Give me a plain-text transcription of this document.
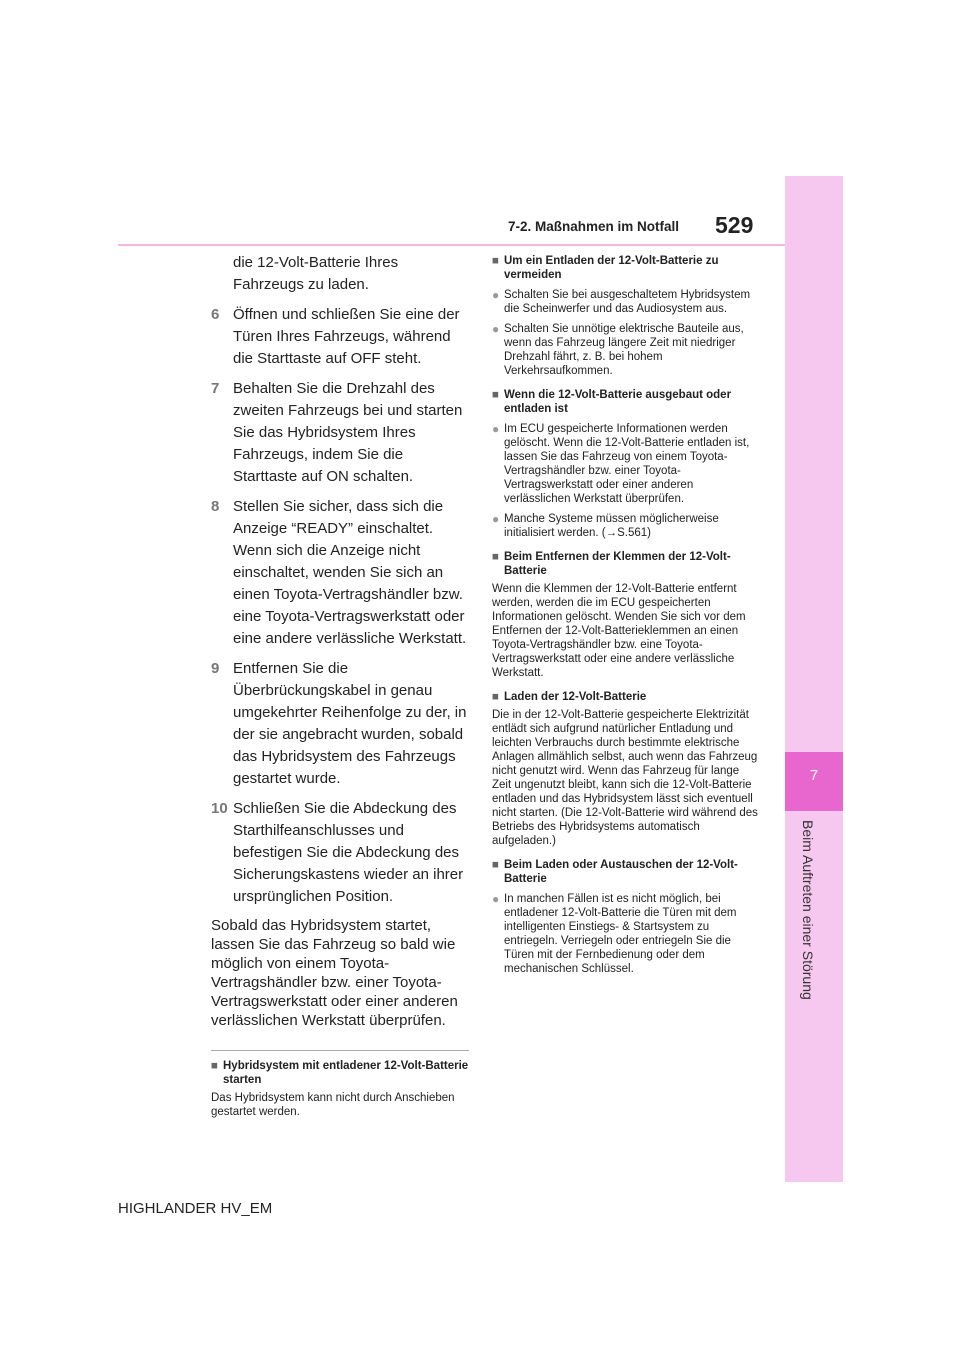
7
Beim Auftreten einer Störung
7-2. Maßnahmen im Notfall 529
die 12-Volt-Batterie Ihres Fahrzeugs zu laden.
6 Öffnen und schließen Sie eine der Türen Ihres Fahrzeugs, während die Starttaste auf OFF steht.
7 Behalten Sie die Drehzahl des zweiten Fahrzeugs bei und starten Sie das Hybridsystem Ihres Fahrzeugs, indem Sie die Starttaste auf ON schalten.
8 Stellen Sie sicher, dass sich die Anzeige “READY” einschaltet. Wenn sich die Anzeige nicht einschaltet, wenden Sie sich an einen Toyota-Vertragshändler bzw. eine Toyota-Vertragswerkstatt oder eine andere verlässliche Werkstatt.
9 Entfernen Sie die Überbrückungskabel in genau umgekehrter Reihenfolge zu der, in der sie angebracht wurden, sobald das Hybridsystem des Fahrzeugs gestartet wurde.
10 Schließen Sie die Abdeckung des Starthilfeanschlusses und befestigen Sie die Abdeckung des Sicherungskastens wieder an ihrer ursprünglichen Position.
Sobald das Hybridsystem startet, lassen Sie das Fahrzeug so bald wie möglich von einem Toyota-Vertragshändler bzw. einer Toyota-Vertragswerkstatt oder einer anderen verlässlichen Werkstatt überprüfen.
■ Hybridsystem mit entladener 12-Volt-Batterie starten
Das Hybridsystem kann nicht durch Anschieben gestartet werden.
■ Um ein Entladen der 12-Volt-Batterie zu vermeiden
● Schalten Sie bei ausgeschaltetem Hybridsystem die Scheinwerfer und das Audiosystem aus.
● Schalten Sie unnötige elektrische Bauteile aus, wenn das Fahrzeug längere Zeit mit niedriger Drehzahl fährt, z. B. bei hohem Verkehrsaufkommen.
■ Wenn die 12-Volt-Batterie ausgebaut oder entladen ist
● Im ECU gespeicherte Informationen werden gelöscht. Wenn die 12-Volt-Batterie entladen ist, lassen Sie das Fahrzeug von einem Toyota-Vertragshändler bzw. einer Toyota-Vertragswerkstatt oder einer anderen verlässlichen Werkstatt überprüfen.
● Manche Systeme müssen möglicherweise initialisiert werden. (→S.561)
■ Beim Entfernen der Klemmen der 12-Volt-Batterie
Wenn die Klemmen der 12-Volt-Batterie entfernt werden, werden die im ECU gespeicherten Informationen gelöscht. Wenden Sie sich vor dem Entfernen der 12-Volt-Batterieklemmen an einen Toyota-Vertragshändler bzw. eine Toyota-Vertragswerkstatt oder eine andere verlässliche Werkstatt.
■ Laden der 12-Volt-Batterie
Die in der 12-Volt-Batterie gespeicherte Elektrizität entlädt sich aufgrund natürlicher Entladung und leichten Verbrauchs durch bestimmte elektrische Anlagen allmählich selbst, auch wenn das Fahrzeug nicht genutzt wird. Wenn das Fahrzeug für lange Zeit ungenutzt bleibt, kann sich die 12-Volt-Batterie entladen und das Hybridsystem lässt sich eventuell nicht starten. (Die 12-Volt-Batterie wird während des Betriebs des Hybridsystems automatisch aufgeladen.)
■ Beim Laden oder Austauschen der 12-Volt-Batterie
● In manchen Fällen ist es nicht möglich, bei entladener 12-Volt-Batterie die Türen mit dem intelligenten Einstiegs- & Startsystem zu entriegeln. Verriegeln oder entriegeln Sie die Türen mit der Fernbedienung oder dem mechanischen Schlüssel.
HIGHLANDER HV_EM
